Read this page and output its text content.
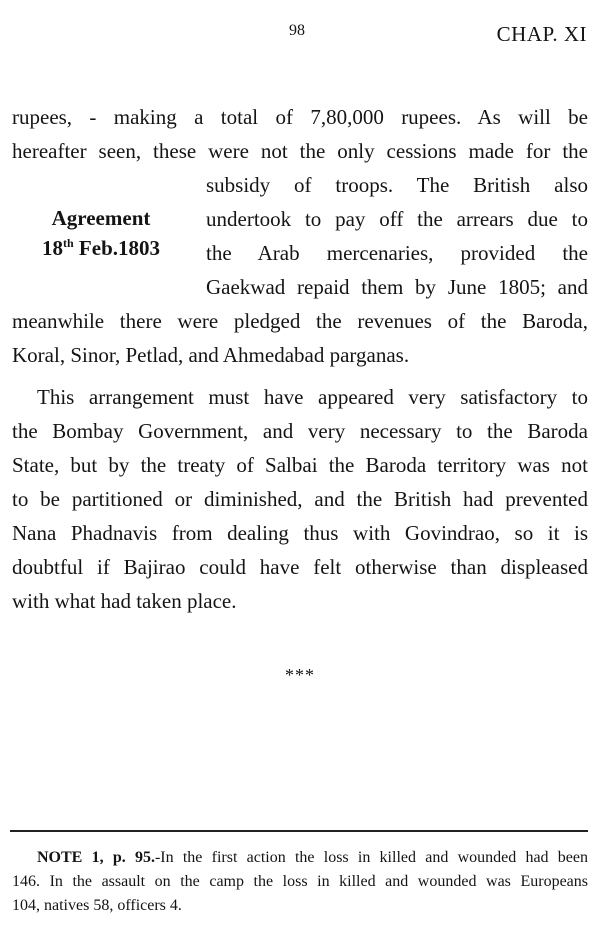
98	CHAP. XI
rupees, - making a total of 7,80,000 rupees. As will be
hereafter seen, these were not the only cessions made for the
subsidy of troops. The British also
undertook to pay off the arrears due to
the Arab mercenaries, provided the
Gaekwad repaid them by June 1805; and
meanwhile there were pledged the revenues of the Baroda,
Koral, Sinor, Petlad, and Ahmedabad parganas.
Agreement
18th Feb.1803
This arrangement must have appeared very satisfactory to
the Bombay Government, and very necessary to the Baroda
State, but by the treaty of Salbai the Baroda territory was not
to be partitioned or diminished, and the British had prevented
Nana Phadnavis from dealing thus with Govindrao, so it is
doubtful if Bajirao could have felt otherwise than displeased
with what had taken place.
***
NOTE 1, p. 95.-In the first action the loss in killed and wounded had been
146. In the assault on the camp the loss in killed and wounded was Europeans
104, natives 58, officers 4.
